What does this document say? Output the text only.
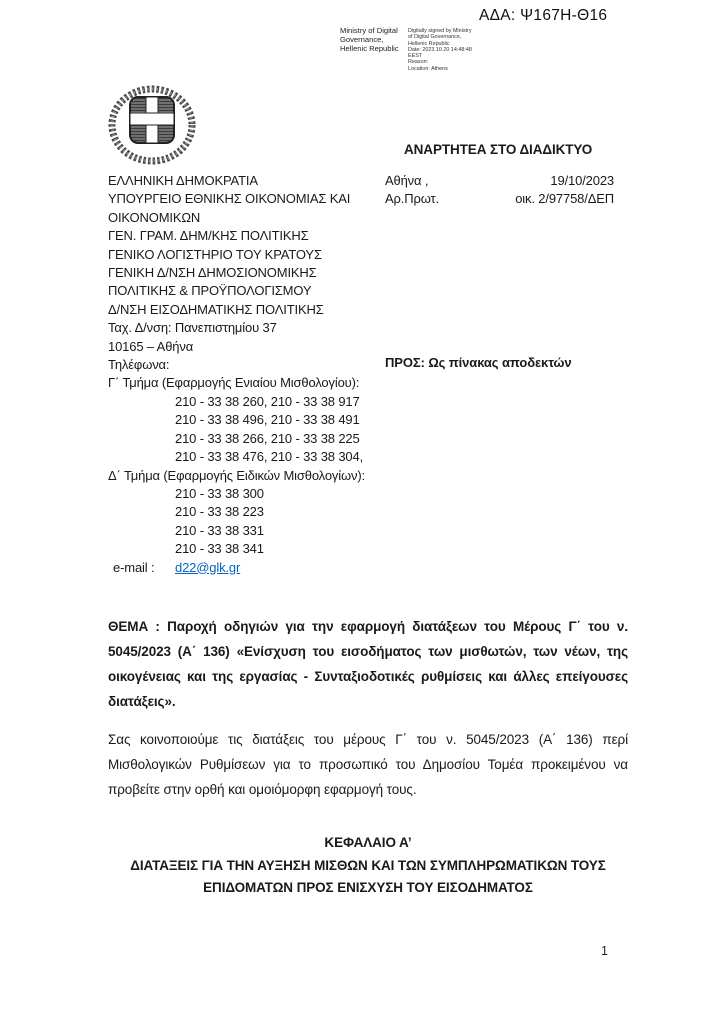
ΑΔΑ: Ψ167Η-Θ16
Ministry of Digital
Governance,
Hellenic Republic
Digitally signed by Ministry
of Digital Governance,
Hellenic Republic
Date: 2023.10.20 14:48:48
EEST
Reason:
Location: Athens
ΑΝΑΡΤΗΤΕΑ ΣΤΟ ΔΙΑΔΙΚΤΥΟ
ΕΛΛΗΝΙΚΗ ΔΗΜΟΚΡΑΤΙΑ
ΥΠΟΥΡΓΕΙΟ ΕΘΝΙΚΗΣ ΟΙΚΟΝΟΜΙΑΣ ΚΑΙ
ΟΙΚΟΝΟΜΙΚΩΝ
ΓΕΝ. ΓΡΑΜ. ΔΗΜ/ΚΗΣ ΠΟΛΙΤΙΚΗΣ
ΓΕΝΙΚΟ ΛΟΓΙΣΤΗΡΙΟ ΤΟΥ ΚΡΑΤΟΥΣ
ΓΕΝΙΚΗ Δ/ΝΣΗ ΔΗΜΟΣΙΟΝΟΜΙΚΗΣ
ΠΟΛΙΤΙΚΗΣ & ΠΡΟΫΠΟΛΟΓΙΣΜΟΥ
Δ/ΝΣΗ ΕΙΣΟΔΗΜΑΤΙΚΗΣ ΠΟΛΙΤΙΚΗΣ
Ταχ. Δ/νση: Πανεπιστημίου 37
10165 – Αθήνα
Τηλέφωνα:
Γ΄ Τμήμα (Εφαρμογής Ενιαίου Μισθολογίου):
210 - 33 38 260, 210 - 33 38 917
210 - 33 38 496, 210 - 33 38 491
210 - 33 38 266, 210 - 33 38 225
210 - 33 38 476, 210 - 33 38 304,
Δ΄ Τμήμα (Εφαρμογής Ειδικών Μισθολογίων):
210 - 33 38 300
210 - 33 38 223
210 - 33 38 331
210 - 33 38 341
e-mail :	d22@glk.gr
Αθήνα ,	19/10/2023
Αρ.Πρωτ.	οικ. 2/97758/ΔΕΠ
ΠΡΟΣ: Ως πίνακας αποδεκτών
ΘΕΜΑ : Παροχή οδηγιών για την εφαρμογή διατάξεων του Μέρους Γ΄ του ν. 5045/2023 (Α΄ 136) «Ενίσχυση του εισοδήματος των μισθωτών, των νέων, της οικογένειας και της εργασίας - Συνταξιοδοτικές ρυθμίσεις και άλλες επείγουσες διατάξεις».
Σας κοινοποιούμε τις διατάξεις του μέρους Γ΄ του ν. 5045/2023 (Α΄ 136) περί Μισθολογικών Ρυθμίσεων για το προσωπικό του Δημοσίου Τομέα προκειμένου να προβείτε στην ορθή και ομοιόμορφη εφαρμογή τους.
ΚΕΦΑΛΑΙΟ Α’
ΔΙΑΤΑΞΕΙΣ ΓΙΑ ΤΗΝ ΑΥΞΗΣΗ ΜΙΣΘΩΝ ΚΑΙ ΤΩΝ ΣΥΜΠΛΗΡΩΜΑΤΙΚΩΝ ΤΟΥΣ
ΕΠΙΔΟΜΑΤΩΝ ΠΡΟΣ ΕΝΙΣΧΥΣΗ ΤΟΥ ΕΙΣΟΔΗΜΑΤΟΣ
1
